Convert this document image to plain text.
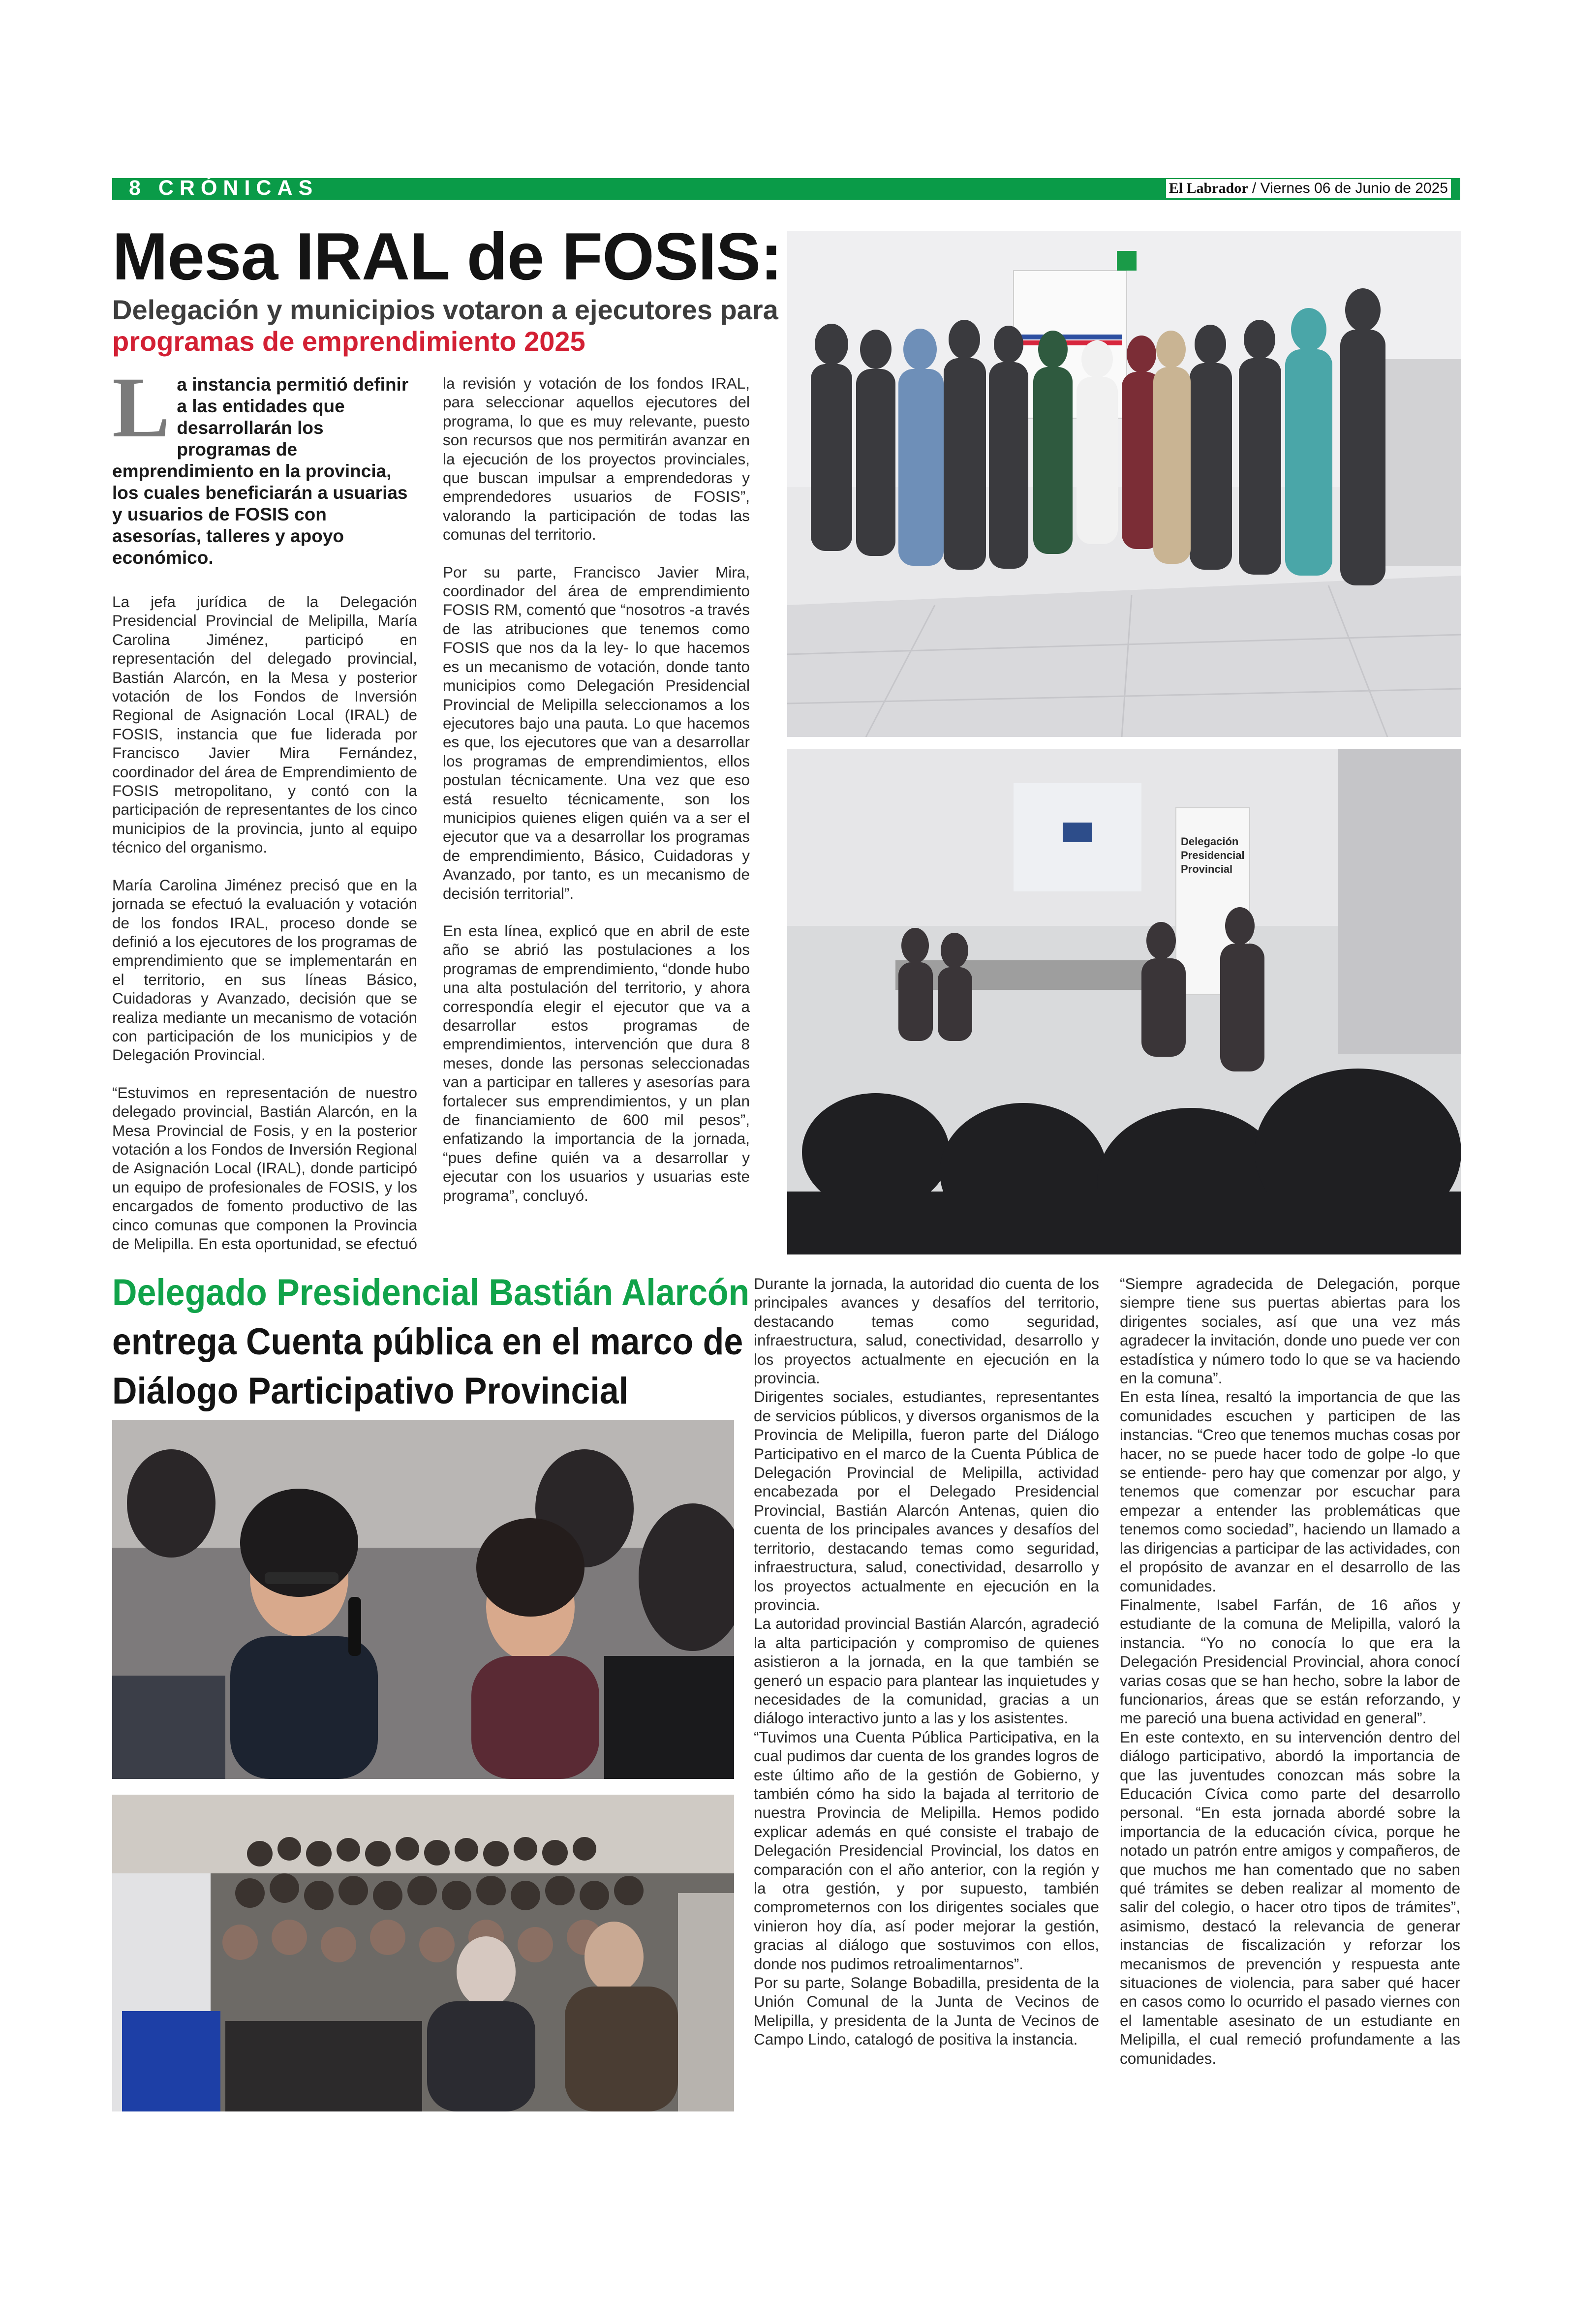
8 CRÓNICAS	El Labrador / Viernes 06 de Junio de 2025
Mesa IRAL de FOSIS:
Delegación y municipios votaron a ejecutores para programas de emprendimiento 2025

La instancia permitió definir a las entidades que desarrollarán los programas de emprendimiento en la provincia, los cuales beneficiarán a usuarias y usuarios de FOSIS con asesorías, talleres y apoyo económico.

La jefa jurídica de la Delegación Presidencial Provincial de Melipilla, María Carolina Jiménez, participó en representación del delegado provincial, Bastián Alarcón, en la Mesa y posterior votación de los Fondos de Inversión Regional de Asignación Local (IRAL) de FOSIS, instancia que fue liderada por Francisco Javier Mira Fernández, coordinador del área de Emprendimiento de FOSIS metropolitano, y contó con la participación de representantes de los cinco municipios de la provincia, junto al equipo técnico del organismo.

María Carolina Jiménez precisó que en la jornada se efectuó la evaluación y votación de los fondos IRAL, proceso donde se definió a los ejecutores de los programas de emprendimiento que se implementarán en el territorio, en sus líneas Básico, Cuidadoras y Avanzado, decisión que se realiza mediante un mecanismo de votación con participación de los municipios y de Delegación Provincial.

“Estuvimos en representación de nuestro delegado provincial, Bastián Alarcón, en la Mesa Provincial de Fosis, y en la posterior votación a los Fondos de Inversión Regional de Asignación Local (IRAL), donde participó un equipo de profesionales de FOSIS, y los encargados de fomento productivo de las cinco comunas que componen la Provincia de Melipilla. En esta oportunidad, se efectuó

la revisión y votación de los fondos IRAL, para seleccionar aquellos ejecutores del programa, lo que es muy relevante, puesto son recursos que nos permitirán avanzar en la ejecución de los proyectos provinciales, que buscan impulsar a emprendedoras y emprendedores usuarios de FOSIS”, valorando la participación de todas las comunas del territorio.

Por su parte, Francisco Javier Mira, coordinador del área de emprendimiento FOSIS RM, comentó que “nosotros -a través de las atribuciones que tenemos como FOSIS que nos da la ley- lo que hacemos es un mecanismo de votación, donde tanto municipios como Delegación Presidencial Provincial de Melipilla seleccionamos a los ejecutores bajo una pauta. Lo que hacemos es que, los ejecutores que van a desarrollar los programas de emprendimientos, ellos postulan técnicamente. Una vez que eso está resuelto técnicamente, son los municipios quienes eligen quién va a ser el ejecutor que va a desarrollar los programas de emprendimiento, Básico, Cuidadoras y Avanzado, por tanto, es un mecanismo de decisión territorial”.

En esta línea, explicó que en abril de este año se abrió las postulaciones a los programas de emprendimiento, “donde hubo una alta postulación del territorio, y ahora correspondía elegir el ejecutor que va a desarrollar estos programas de emprendimientos, intervención que dura 8 meses, donde las personas seleccionadas van a participar en talleres y asesorías para fortalecer sus emprendimientos, y un plan de financiamiento de 600 mil pesos”, enfatizando la importancia de la jornada, “pues define quién va a desarrollar y ejecutar con los usuarios y usuarias este programa”, concluyó.

Delegación
Presidencial
Provincial
Delegado Presidencial Bastián Alarcón
entrega Cuenta pública en el marco de
Diálogo Participativo Provincial

Durante la jornada, la autoridad dio cuenta de los principales avances y desafíos del territorio, destacando temas como seguridad, infraestructura, salud, conectividad, desarrollo y los proyectos actualmente en ejecución en la provincia.

Dirigentes sociales, estudiantes, representantes de servicios públicos, y diversos organismos de la Provincia de Melipilla, fueron parte del Diálogo Participativo en el marco de la Cuenta Pública de Delegación Provincial de Melipilla, actividad encabezada por el Delegado Presidencial Provincial, Bastián Alarcón Antenas, quien dio cuenta de los principales avances y desafíos del territorio, destacando temas como seguridad, infraestructura, salud, conectividad, desarrollo y los proyectos actualmente en ejecución en la provincia.

La autoridad provincial Bastián Alarcón, agradeció la alta participación y compromiso de quienes asistieron a la jornada, en la que también se generó un espacio para plantear las inquietudes y necesidades de la comunidad, gracias a un diálogo interactivo junto a las y los asistentes.

“Tuvimos una Cuenta Pública Participativa, en la cual pudimos dar cuenta de los grandes logros de este último año de la gestión de Gobierno, y también cómo ha sido la bajada al territorio de nuestra Provincia de Melipilla. Hemos podido explicar además en qué consiste el trabajo de Delegación Presidencial Provincial, los datos en comparación con el año anterior, con la región y la otra gestión, y por supuesto, también comprometernos con los dirigentes sociales que vinieron hoy día, así poder mejorar la gestión, gracias al diálogo que sostuvimos con ellos, donde nos pudimos retroalimentarnos”.

Por su parte, Solange Bobadilla, presidenta de la Unión Comunal de la Junta de Vecinos de Melipilla, y presidenta de la Junta de Vecinos de Campo Lindo, catalogó de positiva la instancia.

“Siempre agradecida de Delegación, porque siempre tiene sus puertas abiertas para los dirigentes sociales, así que una vez más agradecer la invitación, donde uno puede ver con estadística y número todo lo que se va haciendo en la comuna”.

En esta línea, resaltó la importancia de que las comunidades escuchen y participen de las instancias. “Creo que tenemos muchas cosas por hacer, no se puede hacer todo de golpe -lo que se entiende- pero hay que comenzar por algo, y tenemos que comenzar por escuchar para empezar a entender las problemáticas que tenemos como sociedad”, haciendo un llamado a las dirigencias a participar de las actividades, con el propósito de avanzar en el desarrollo de las comunidades.

Finalmente, Isabel Farfán, de 16 años y estudiante de la comuna de Melipilla, valoró la instancia. “Yo no conocía lo que era la Delegación Presidencial Provincial, ahora conocí varias cosas que se han hecho, sobre la labor de funcionarios, áreas que se están reforzando, y me pareció una buena actividad en general”.

En este contexto, en su intervención dentro del diálogo participativo, abordó la importancia de que las juventudes conozcan más sobre la Educación Cívica como parte del desarrollo personal. “En esta jornada abordé sobre la importancia de la educación cívica, porque he notado un patrón entre amigos y compañeros, de que muchos me han comentado que no saben qué trámites se deben realizar al momento de salir del colegio, o hacer otro tipos de trámites”, asimismo, destacó la relevancia de generar instancias de fiscalización y reforzar los mecanismos de prevención y respuesta ante situaciones de violencia, para saber qué hacer en casos como lo ocurrido el pasado viernes con el lamentable asesinato de un estudiante en Melipilla, el cual remeció profundamente a las comunidades.
